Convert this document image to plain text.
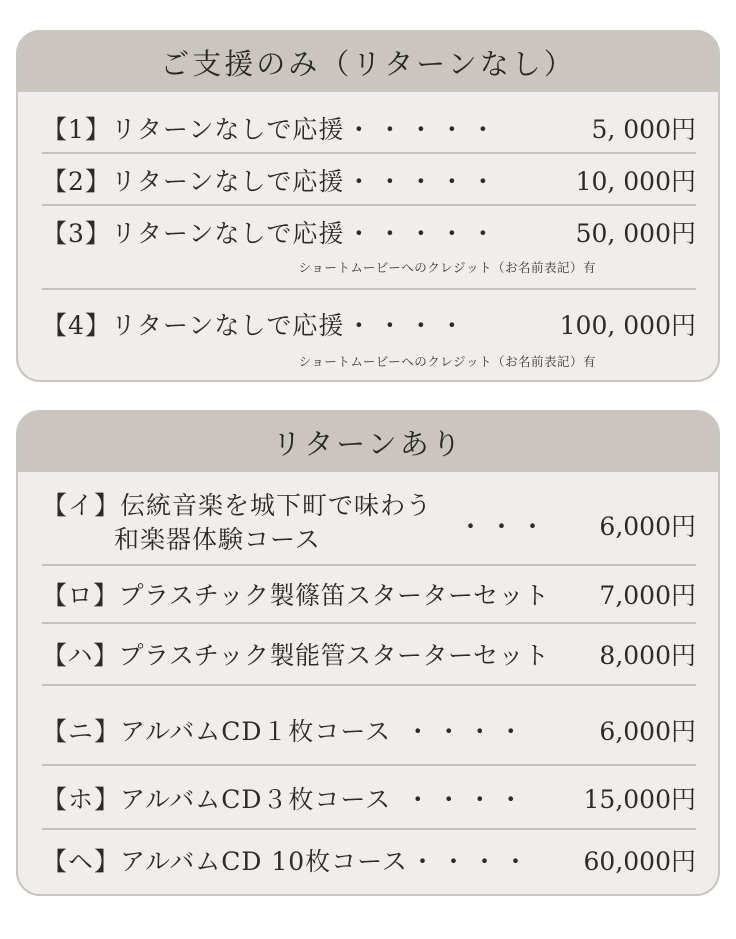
ご支援のみ（リターンなし）
【1】リターンなしで応援 ・・・・・	5, 000円
【2】リターンなしで応援 ・・・・・	10, 000円
【3】リターンなしで応援 ・・・・・	50, 000円
ショートムービーへのクレジット（お名前表記）有
【4】リターンなしで応援 ・・・・	100, 000円
ショートムービーへのクレジット（お名前表記）有
リターンあり
【イ】伝統音楽を城下町で味わう
和楽器体験コース	・・・ 6,000円
【ロ】プラスチック製篠笛スターターセット 7,000円
【ハ】プラスチック製能管スターターセット 8,000円
【ニ】アルバムCD１枚コース ・・・・	6,000円
【ホ】アルバムCD３枚コース ・・・・ 15,000円
【ヘ】アルバムCD 10枚コース ・・・・ 60,000円
